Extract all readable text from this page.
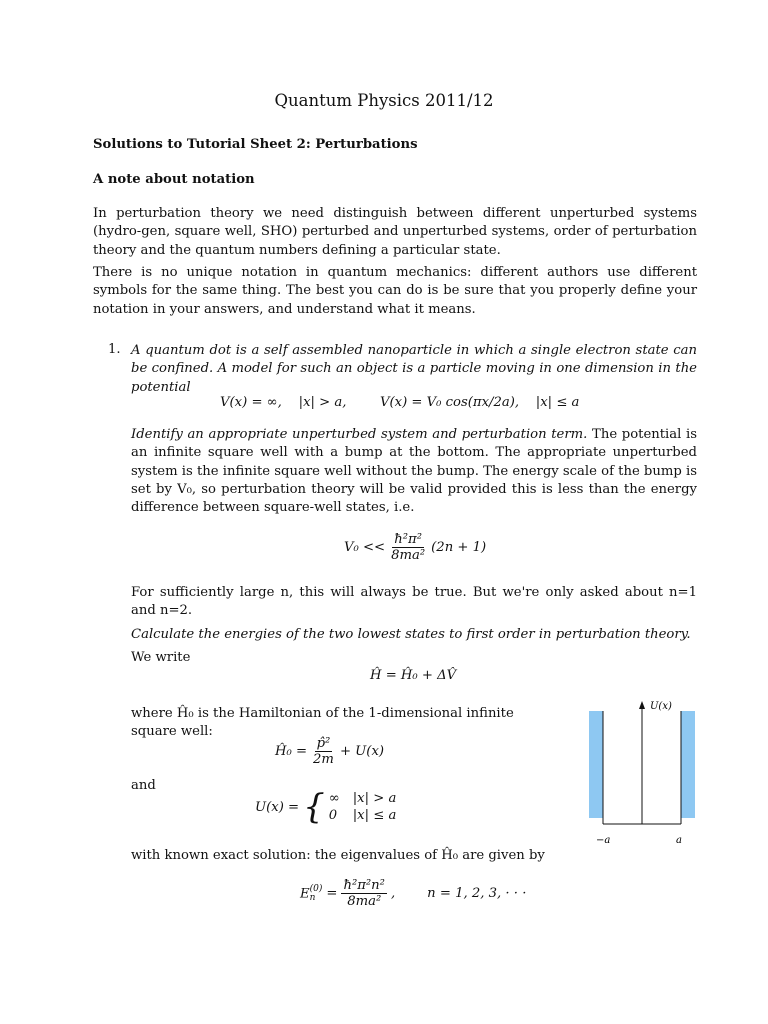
Quantum Physics 2011/12
Solutions to Tutorial Sheet 2: Perturbations
A note about notation
In perturbation theory we need distinguish between different unperturbed systems (hydro-gen, square well, SHO) perturbed and unperturbed systems, order of perturbation theory and the quantum numbers defining a particular state.
There is no unique notation in quantum mechanics: different authors use different symbols for the same thing. The best you can do is be sure that you properly define your notation in your answers, and understand what it means.
1. A quantum dot is a self assembled nanoparticle in which a single electron state can be confined. A model for such an object is a particle moving in one dimension in the potential
V(x) = ∞,    |x| > a,        V(x) = V₀ cos(πx/2a),    |x| ≤ a
Identify an appropriate unperturbed system and perturbation term. The potential is an infinite square well with a bump at the bottom. The appropriate unperturbed system is the infinite square well without the bump. The energy scale of the bump is set by V₀, so perturbation theory will be valid provided this is less than the energy difference between square-well states, i.e.
$V_0 << \frac{\text{ħ²π²}}{\text{8ma²}} (2n + 1)$
For sufficiently large n, this will always be true. But we're only asked about n=1 and n=2.
Calculate the energies of the two lowest states to first order in perturbation theory.
We write
Ĥ = Ĥ₀ + ΔV̂
where Ĥ₀ is the Hamiltonian of the 1-dimensional infinite square well:
Ĥ₀ = $\frac{\text{p̂²}}{2m} + U(x)$
and
U(x) = { ∞ |x| > a
0	|x| ≤ a
with known exact solution: the eigenvalues of Ĥ₀ are given by
E (0)
$n = \frac{\text{ħ²π²n²}}{\text{8ma²}}$ , n = 1, 2, 3, · · ·
U(x)
−a	a
